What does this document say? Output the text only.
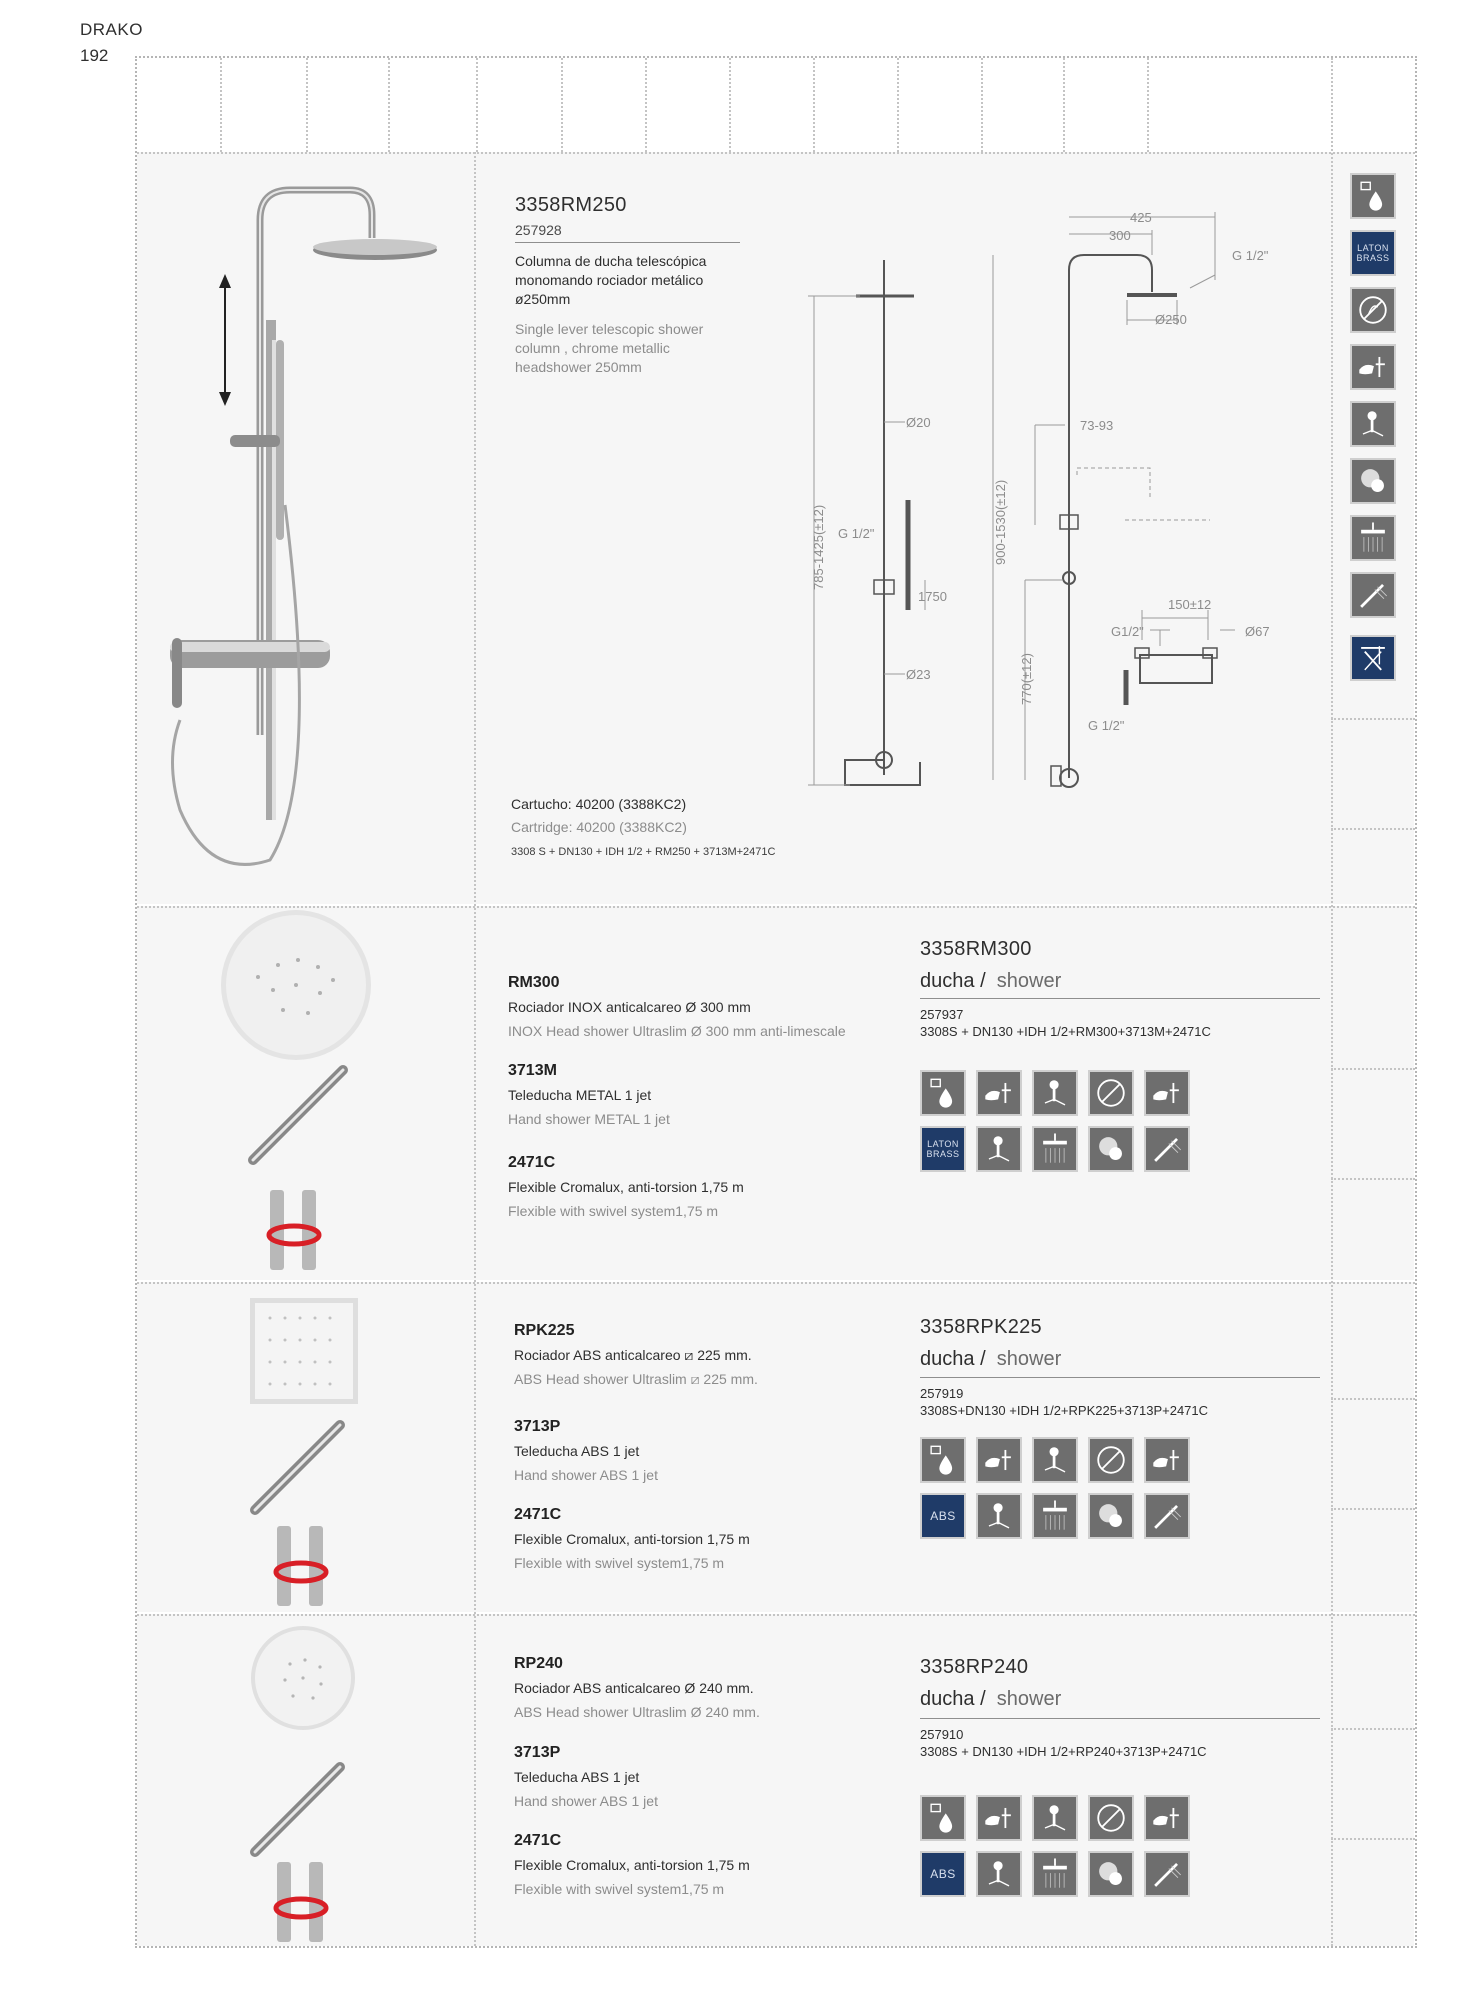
DRAKO
192
3358RM250
257928
Columna de ducha telescópica monomando rociador metálico ø250mm
Single lever telescopic shower column , chrome metallic headshower 250mm
Cartucho: 40200 (3388KC2)
Cartridge: 40200 (3388KC2)
3308 S + DN130 + IDH 1/2 + RM250 + 3713M+2471C
Ø20
G 1/2"
1750
Ø23
785-1425(±12)
425
300
G 1/2"
Ø250
73-93
900-1530(±12)
770(±12)
150±12
G1/2"	Ø67
G 1/2"
LATON BRASS
RM300
Rociador INOX anticalcareo Ø 300 mm
INOX Head shower Ultraslim Ø 300 mm anti-limescale
3713M
Teleducha METAL 1 jet
Hand shower METAL 1 jet
2471C
Flexible Cromalux, anti-torsion 1,75 m
Flexible with swivel system1,75 m
3358RM300
ducha / shower
257937
3308S + DN130 +IDH 1/2+RM300+3713M+2471C
LATON BRASS
RPK225
Rociador ABS anticalcareo ⧄ 225 mm.
ABS Head shower Ultraslim ⧄ 225 mm.
3713P
Teleducha ABS 1 jet
Hand shower ABS 1 jet
2471C
Flexible Cromalux, anti-torsion 1,75 m
Flexible with swivel system1,75 m
3358RPK225
ducha / shower
257919
3308S+DN130 +IDH 1/2+RPK225+3713P+2471C
ABS
RP240
Rociador ABS anticalcareo Ø 240 mm.
ABS Head shower Ultraslim Ø 240 mm.
3713P
Teleducha ABS 1 jet
Hand shower ABS 1 jet
2471C
Flexible Cromalux, anti-torsion 1,75 m
Flexible with swivel system1,75 m
3358RP240
ducha / shower
257910
3308S + DN130 +IDH 1/2+RP240+3713P+2471C
ABS
